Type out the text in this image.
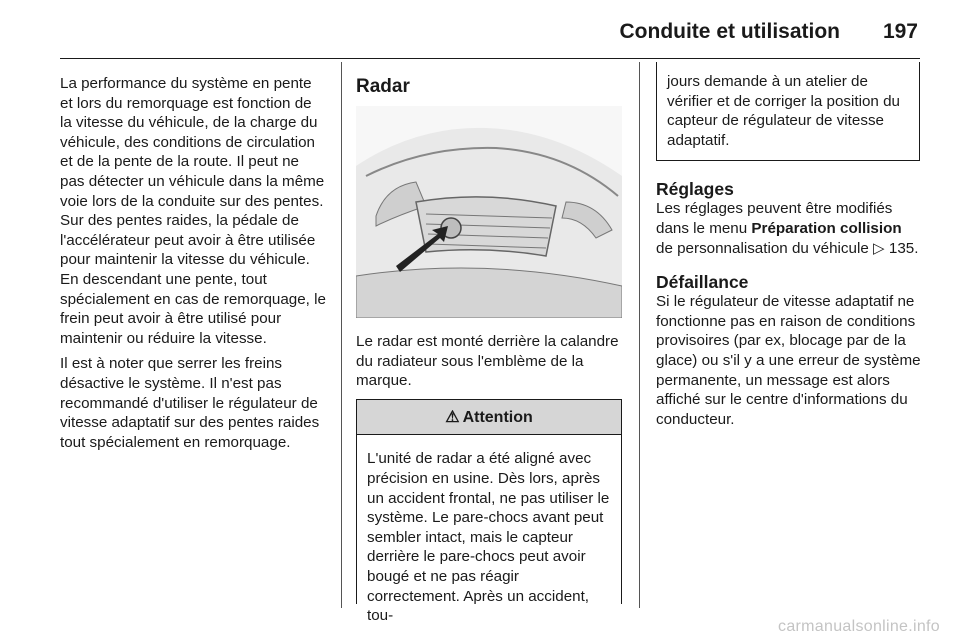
Conduite et utilisation 197

La performance du système en pente et lors du remorquage est fonction de la vitesse du véhicule, de la charge du véhicule, des conditions de circulation et de la pente de la route. Il peut ne pas détecter un véhicule dans la même voie lors de la conduite sur des pentes. Sur des pentes raides, la pédale de l'accélérateur peut avoir à être utilisée pour maintenir la vitesse du véhicule. En descendant une pente, tout spécialement en cas de remorquage, le frein peut avoir à être utilisé pour maintenir ou réduire la vitesse.

Il est à noter que serrer les freins désactive le système. Il n'est pas recommandé d'utiliser le régulateur de vitesse adaptatif sur des pentes raides tout spécialement en remorquage.

Radar

Le radar est monté derrière la calandre du radiateur sous l'emblème de la marque.

⚠ Attention
L'unité de radar a été aligné avec précision en usine. Dès lors, après un accident frontal, ne pas utiliser le système. Le pare-chocs avant peut sembler intact, mais le capteur derrière le pare-chocs peut avoir bougé et ne pas réagir correctement. Après un accident, tou-
jours demande à un atelier de vérifier et de corriger la position du capteur de régulateur de vitesse adaptatif.
Réglages
Les réglages peuvent être modifiés dans le menu Préparation collision de personnalisation du véhicule ▷ 135.
Défaillance
Si le régulateur de vitesse adaptatif ne fonctionne pas en raison de conditions provisoires (par ex, blocage par de la glace) ou s'il y a une erreur de système permanente, un message est alors affiché sur le centre d'informations du conducteur.
carmanualsonline.info
